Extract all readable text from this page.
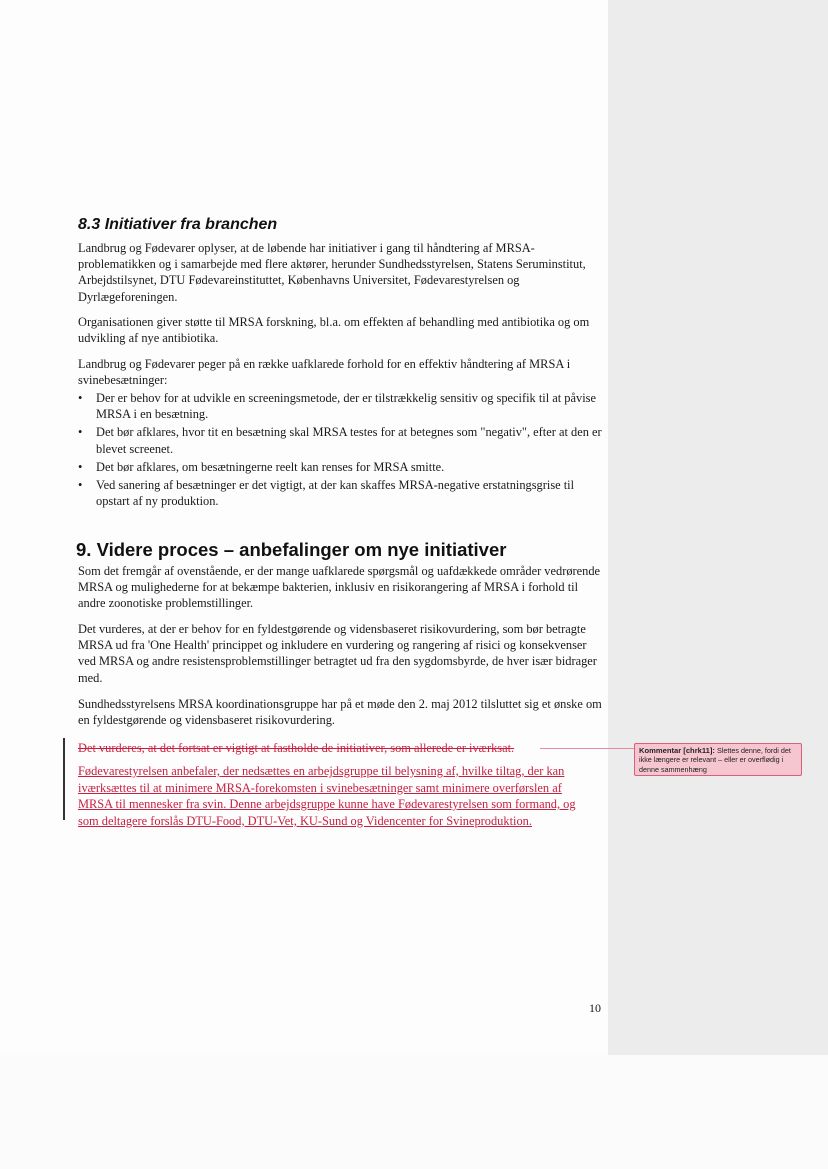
8.3 Initiativer fra branchen

Landbrug og Fødevarer oplyser, at de løbende har initiativer i gang til håndtering af MRSA-problematikken og i samarbejde med flere aktører, herunder Sundhedsstyrelsen, Statens Seruminstitut, Arbejdstilsynet, DTU Fødevareinstituttet, Københavns Universitet, Fødevarestyrelsen og Dyrlægeforeningen.

Organisationen giver støtte til MRSA forskning, bl.a. om effekten af behandling med antibiotika og om udvikling af nye antibiotika.

Landbrug og Fødevarer peger på en række uafklarede forhold for en effektiv håndtering af MRSA i svinebesætninger:

• Der er behov for at udvikle en screeningsmetode, der er tilstrækkelig sensitiv og specifik til at påvise MRSA i en besætning.
• Det bør afklares, hvor tit en besætning skal MRSA testes for at betegnes som "negativ", efter at den er blevet screenet.
• Det bør afklares, om besætningerne reelt kan renses for MRSA smitte.
• Ved sanering af besætninger er det vigtigt, at der kan skaffes MRSA-negative erstatningsgrise til opstart af ny produktion.
9. Videre proces – anbefalinger om nye initiativer

Som det fremgår af ovenstående, er der mange uafklarede spørgsmål og uafdækkede områder vedrørende MRSA og mulighederne for at bekæmpe bakterien, inklusiv en risikorangering af MRSA i forhold til andre zoonotiske problemstillinger.

Det vurderes, at der er behov for en fyldestgørende og vidensbaseret risikovurdering, som bør betragte MRSA ud fra 'One Health' princippet og inkludere en vurdering og rangering af risici og konsekvenser ved MRSA og andre resistensproblemstillinger betragtet ud fra den sygdomsbyrde, de hver især bidrager med.

Sundhedsstyrelsens MRSA koordinationsgruppe har på et møde den 2. maj 2012 tilsluttet sig et ønske om en fyldestgørende og vidensbaseret risikovurdering.

Det vurderes, at det fortsat er vigtigt at fastholde de initiativer, som allerede er iværksat.

Fødevarestyrelsen anbefaler, der nedsættes en arbejdsgruppe til belysning af, hvilke tiltag, der kan iværksættes til at minimere MRSA-forekomsten i svinebesætninger samt minimere overførslen af MRSA til mennesker fra svin. Denne arbejdsgruppe kunne have Fødevarestyrelsen som formand, og som deltagere forslås DTU-Food, DTU-Vet, KU-Sund og Videncenter for Svineproduktion.

Kommentar [chrk11]: Slettes denne, fordi det ikke længere er relevant – eller er overflødig i denne sammenhæng
10
